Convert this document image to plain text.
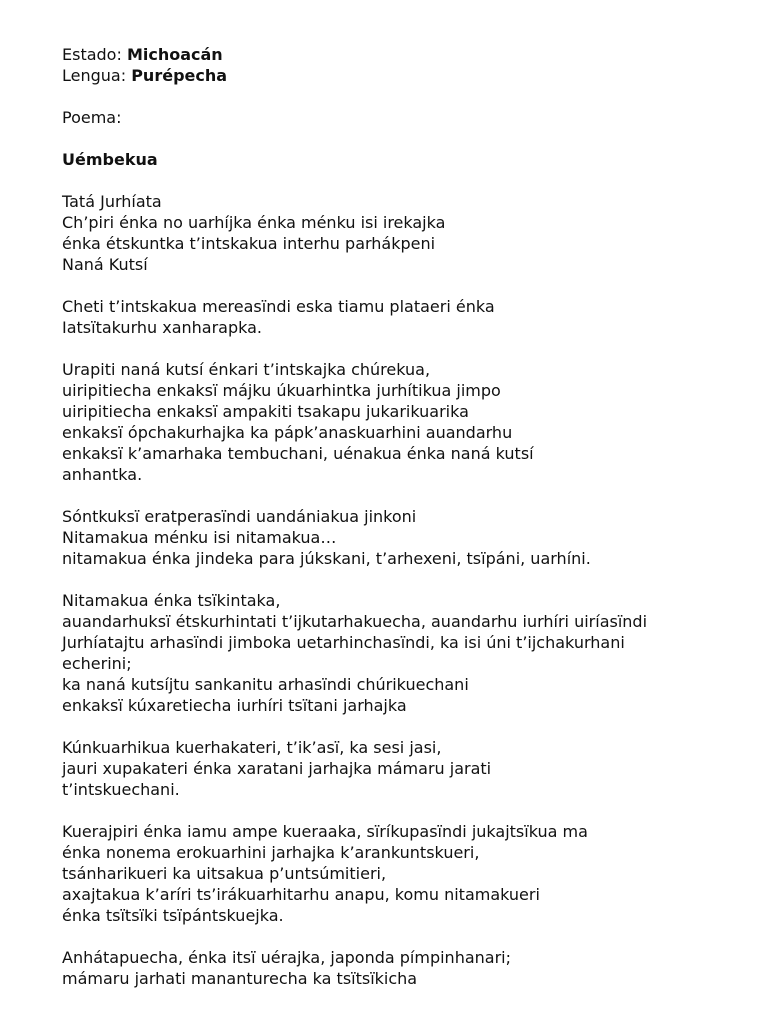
Estado: Michoacán
Lengua: Purépecha
Poema:
Uémbekua
Tatá Jurhíata
Ch’piri énka no uarhíjka énka ménku isi irekajka
énka étskuntka t’intskakua interhu parhákpeni
Naná Kutsí
Cheti t’intskakua mereasïndi eska tiamu plataeri énka
Iatsïtakurhu xanharapka.
Urapiti naná kutsí énkari t’intskajka chúrekua,
uiripitiecha enkaksï májku úkuarhintka jurhítikua jimpo
uiripitiecha enkaksï ampakiti tsakapu jukarikuarika
enkaksï ópchakurhajka ka pápk’anaskuarhini auandarhu
enkaksï k’amarhaka tembuchani, uénakua énka naná kutsí
anhantka.
Sóntkuksï eratperasïndi uandániakua jinkoni
Nitamakua ménku isi nitamakua…
nitamakua énka jindeka para júkskani, t’arhexeni, tsïpáni, uarhíni.
Nitamakua énka tsïkintaka,
auandarhuksï étskurhintati t’ijkutarhakuecha, auandarhu iurhíri uiríasïndi
Jurhíatajtu arhasïndi jimboka uetarhinchasïndi, ka isi úni t’ijchakurhani
echerini;
ka naná kutsíjtu sankanitu arhasïndi chúrikuechani
enkaksï kúxaretiecha iurhíri tsïtani jarhajka
Kúnkuarhikua kuerhakateri, t’ik’asï, ka sesi jasi,
jauri xupakateri énka xaratani jarhajka mámaru jarati
t’intskuechani.
Kuerajpiri énka iamu ampe kueraaka, sïríkupasïndi jukajtsïkua ma
énka nonema erokuarhini jarhajka k’arankuntskueri,
tsánharikueri ka uitsakua p’untsúmitieri,
axajtakua k’aríri ts’irákuarhitarhu anapu, komu nitamakueri
énka tsïtsïki tsïpántskuejka.
Anhátapuecha, énka itsï uérajka, japonda pímpinhanari;
mámaru jarhati mananturecha ka tsïtsïkicha
